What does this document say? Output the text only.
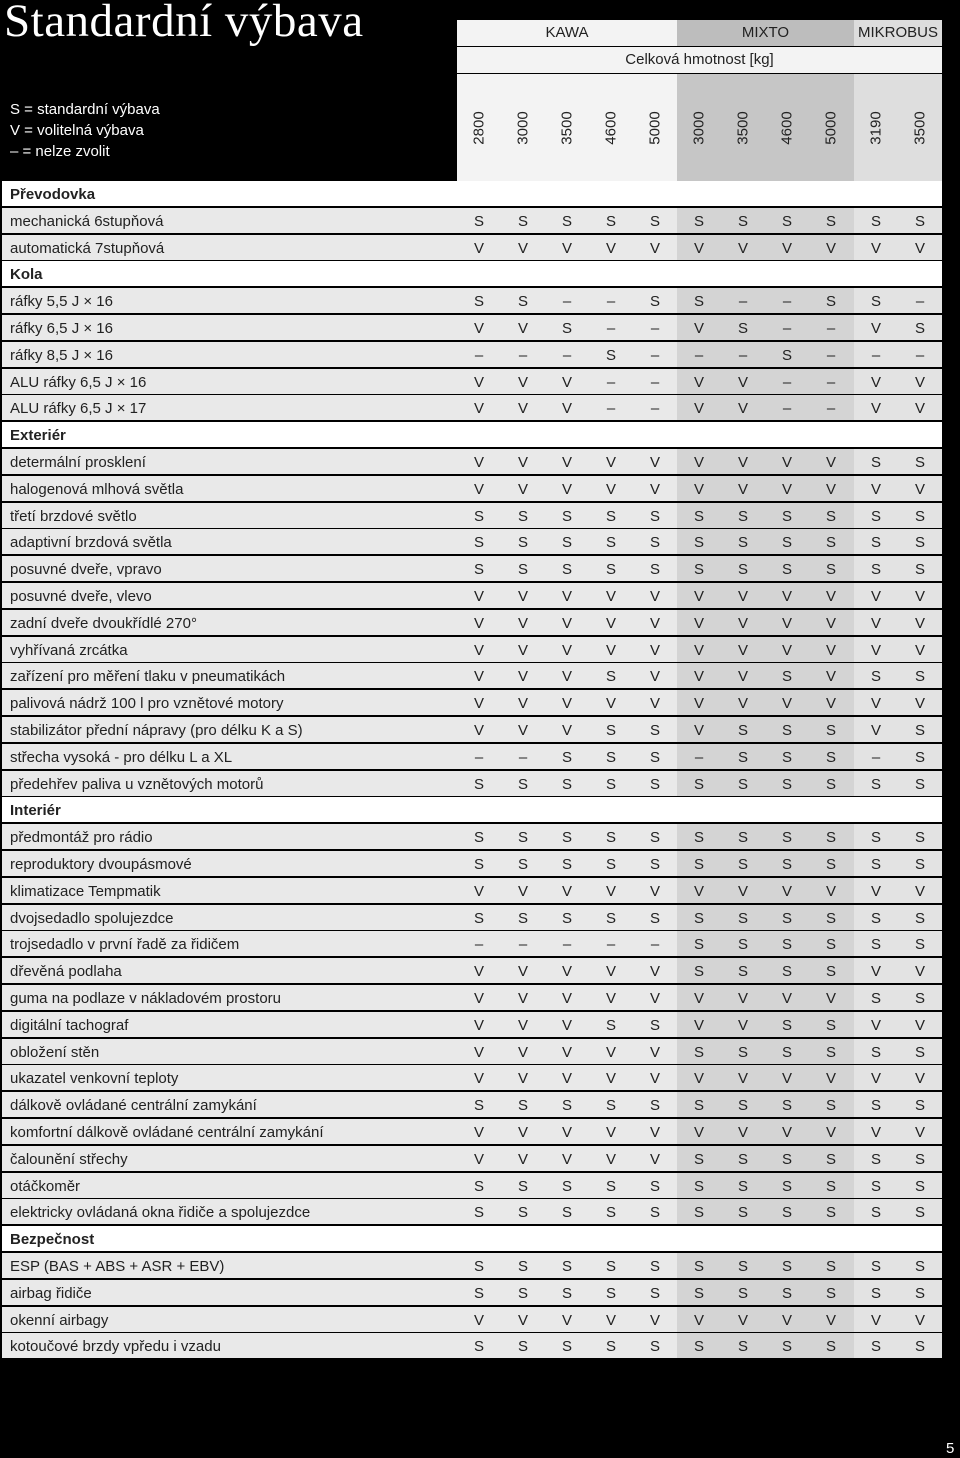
Standardní výbava
S = standardní výbava
V = volitelná výbava
– = nelze zvolit
KAWA	MIXTO	MIKROBUS
Celková hmotnost [kg]
2800 3000 3500 4600 5000 3000 3500 4600 5000 3190 3500
Převodovka
mechanická 6stupňová	S	S	S	S	S	S	S	S	S	S	S
automatická 7stupňová	V	V	V	V	V	V	V	V	V	V	V
Kola
ráfky 5,5 J × 16	S	S	–	–	S	S	–	–	S	S	–
ráfky 6,5 J × 16	V	V	S	–	–	V	S	–	–	V	S
ráfky 8,5 J × 16	–	–	–	S	–	–	–	S	–	–	–
ALU ráfky 6,5 J × 16	V	V	V	–	–	V	V	–	–	V	V
ALU ráfky 6,5 J × 17	V	V	V	–	–	V	V	–	–	V	V
Exteriér
determální prosklení	V	V	V	V	V	V	V	V	V	S	S
halogenová mlhová světla	V	V	V	V	V	V	V	V	V	V	V
třetí brzdové světlo	S	S	S	S	S	S	S	S	S	S	S
adaptivní brzdová světla	S	S	S	S	S	S	S	S	S	S	S
posuvné dveře, vpravo	S	S	S	S	S	S	S	S	S	S	S
posuvné dveře, vlevo	V	V	V	V	V	V	V	V	V	V	V
zadní dveře dvoukřídlé 270°	V	V	V	V	V	V	V	V	V	V	V
vyhřívaná zrcátka	V	V	V	V	V	V	V	V	V	V	V
zařízení pro měření tlaku v pneumatikách	V	V	V	S	V	V	V	S	V	S	S
palivová nádrž 100 l pro vznětové motory	V	V	V	V	V	V	V	V	V	V	V
stabilizátor přední nápravy (pro délku K a S)	V	V	V	S	S	V	S	S	S	V	S
střecha vysoká - pro délku L a XL	–	–	S	S	S	–	S	S	S	–	S
předehřev paliva u vznětových motorů	S	S	S	S	S	S	S	S	S	S	S
Interiér
předmontáž pro rádio	S	S	S	S	S	S	S	S	S	S	S
reproduktory dvoupásmové	S	S	S	S	S	S	S	S	S	S	S
klimatizace Tempmatik	V	V	V	V	V	V	V	V	V	V	V
dvojsedadlo spolujezdce	S	S	S	S	S	S	S	S	S	S	S
trojsedadlo v první řadě za řidičem	–	–	–	–	–	S	S	S	S	S	S
dřevěná podlaha	V	V	V	V	V	S	S	S	S	V	V
guma na podlaze v nákladovém prostoru	V	V	V	V	V	V	V	V	V	S	S
digitální tachograf	V	V	V	S	S	V	V	S	S	V	V
obložení stěn	V	V	V	V	V	S	S	S	S	S	S
ukazatel venkovní teploty	V	V	V	V	V	V	V	V	V	V	V
dálkově ovládané centrální zamykání	S	S	S	S	S	S	S	S	S	S	S
komfortní dálkově ovládané centrální zamykání	V	V	V	V	V	V	V	V	V	V	V
čalounění střechy	V	V	V	V	V	S	S	S	S	S	S
otáčkoměr	S	S	S	S	S	S	S	S	S	S	S
elektricky ovládaná okna řidiče a spolujezdce	S	S	S	S	S	S	S	S	S	S	S
Bezpečnost
ESP (BAS + ABS + ASR + EBV)	S	S	S	S	S	S	S	S	S	S	S
airbag řidiče	S	S	S	S	S	S	S	S	S	S	S
okenní airbagy	V	V	V	V	V	V	V	V	V	V	V
kotoučové brzdy vpředu i vzadu	S	S	S	S	S	S	S	S	S	S	S
5
